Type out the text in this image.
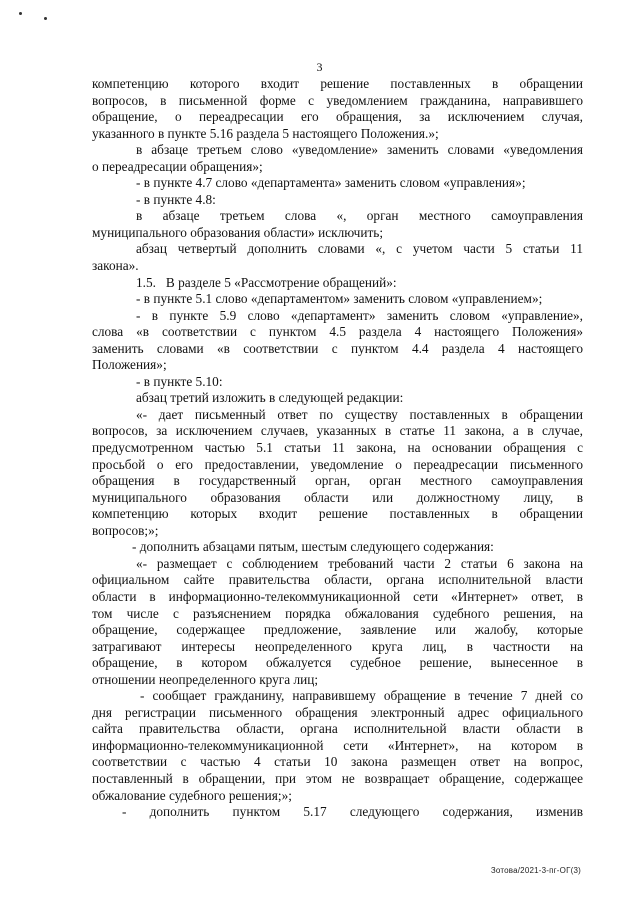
3

компетенцию которого входит решение поставленных в обращении

вопросов, в письменной форме с уведомлением гражданина, направившего

обращение, о переадресации его обращения, за исключением случая,

указанного в пункте 5.16 раздела 5 настоящего Положения.»;

в абзаце третьем слово «уведомление» заменить словами «уведомления

о переадресации обращения»;

- в пункте 4.7 слово «департамента» заменить словом «управления»;

- в пункте 4.8:

в абзаце третьем слова «, орган местного самоуправления

муниципального образования области» исключить;

абзац четвертый дополнить словами «, с учетом части 5 статьи 11

закона».

1.5.   В разделе 5 «Рассмотрение обращений»:

- в пункте 5.1 слово «департаментом» заменить словом «управлением»;

- в пункте 5.9 слово «департамент» заменить словом «управление»,

слова «в соответствии с пунктом 4.5 раздела 4 настоящего Положения»

заменить словами «в соответствии с пунктом 4.4 раздела 4 настоящего

Положения»;

- в пункте 5.10:

абзац третий изложить в следующей редакции:

«- дает письменный ответ по существу поставленных в обращении

вопросов, за исключением случаев, указанных в статье 11 закона, а в случае,

предусмотренном частью 5.1 статьи 11 закона, на основании обращения с

просьбой о его предоставлении, уведомление о переадресации письменного

обращения в государственный орган, орган местного самоуправления

муниципального образования области или должностному лицу, в

компетенцию которых входит решение поставленных в обращении

вопросов;»;

- дополнить абзацами пятым, шестым следующего содержания:

«- размещает с соблюдением требований части 2 статьи 6 закона на

официальном сайте правительства области, органа исполнительной власти

области в информационно-телекоммуникационной сети «Интернет» ответ, в

том числе с разъяснением порядка обжалования судебного решения, на

обращение, содержащее предложение, заявление или жалобу, которые

затрагивают интересы неопределенного круга лиц, в частности на

обращение, в котором обжалуется судебное решение, вынесенное в

отношении неопределенного круга лиц;

- сообщает гражданину, направившему обращение в течение 7 дней со

дня регистрации письменного обращения электронный адрес официального

сайта правительства области, органа исполнительной власти области в

информационно-телекоммуникационной сети «Интернет», на котором в

соответствии с частью 4 статьи 10 закона размещен ответ на вопрос,

поставленный в обращении, при этом не возвращает обращение, содержащее

обжалование судебного решения;»;

- дополнить пунктом 5.17 следующего содержания, изменив

Зотова/2021-3-пг-ОГ(3)
